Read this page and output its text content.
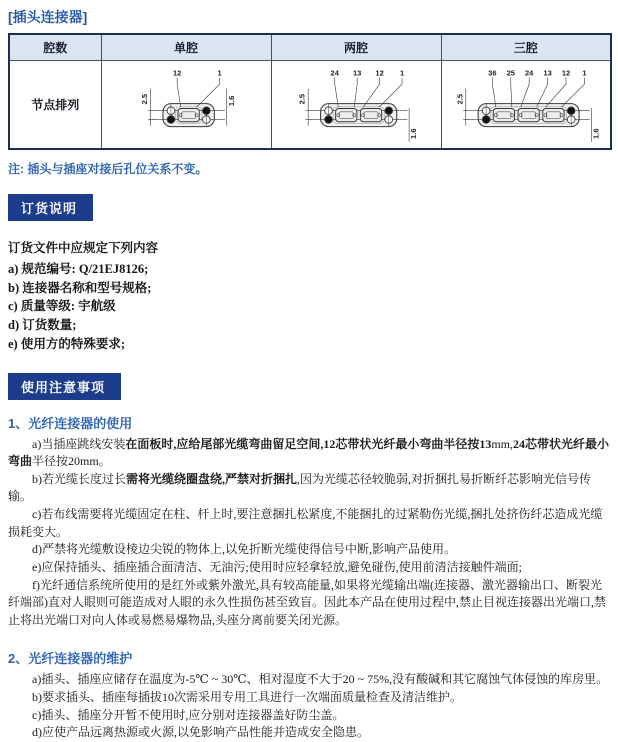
[插头连接器]
腔数	单腔	两腔	三腔
节点排列	
12	1
2.5	1.6

24 13 12 1
2.5
1.6

36 25 24 13 12 1
2.5
1.6

注: 插头与插座对接后孔位关系不变。

订货说明

订货文件中应规定下列内容

a) 规范编号: Q/21EJ8126;
b) 连接器名称和型号规格;
c) 质量等级: 宇航级
d) 订货数量;
e) 使用方的特殊要求;
使用注意事项
1、光纤连接器的使用

a)当插座跳线安装在面板时,应给尾部光缆弯曲留足空间,12芯带状光纤最小弯曲半径按13mm,24芯带状光纤最小弯曲半径按20mm。

b)若光缆长度过长需将光缆绕圈盘绕,严禁对折捆扎,因为光缆芯径较脆弱,对折捆扎易折断纤芯影响光信号传输。

c)若布线需要将光缆固定在柱、杆上时,要注意捆扎松紧度,不能捆扎的过紧勒伤光缆,捆扎处挤伤纤芯造成光缆损耗变大。

d)严禁将光缆敷设棱边尖锐的物体上,以免折断光缆使得信号中断,影响产品使用。

e)应保持插头、插座插合面清洁、无油污;使用时应轻拿轻放,避免碰伤,使用前清洁接触件端面;

f)光纤通信系统所使用的是红外或紫外激光,具有较高能量,如果将光缆输出端(连接器、激光器输出口、断裂光纤端部)直对人眼则可能造成对人眼的永久性损伤甚至致盲。因此本产品在使用过程中,禁止目视连接器出光端口,禁止将出光端口对向人体或易燃易爆物品,头座分离前要关闭光源。

2、光纤连接器的维护

a)插头、插座应储存在温度为-5℃ ~ 30℃、相对湿度不大于20 ~ 75%,没有酸碱和其它腐蚀气体侵蚀的库房里。

b)要求插头、插座每插拔10次需采用专用工具进行一次端面质量检查及清洁维护。

c)插头、插座分开暂不使用时,应分别对连接器盖好防尘盖。

d)应使产品远离热源或火源,以免影响产品性能并造成安全隐患。
